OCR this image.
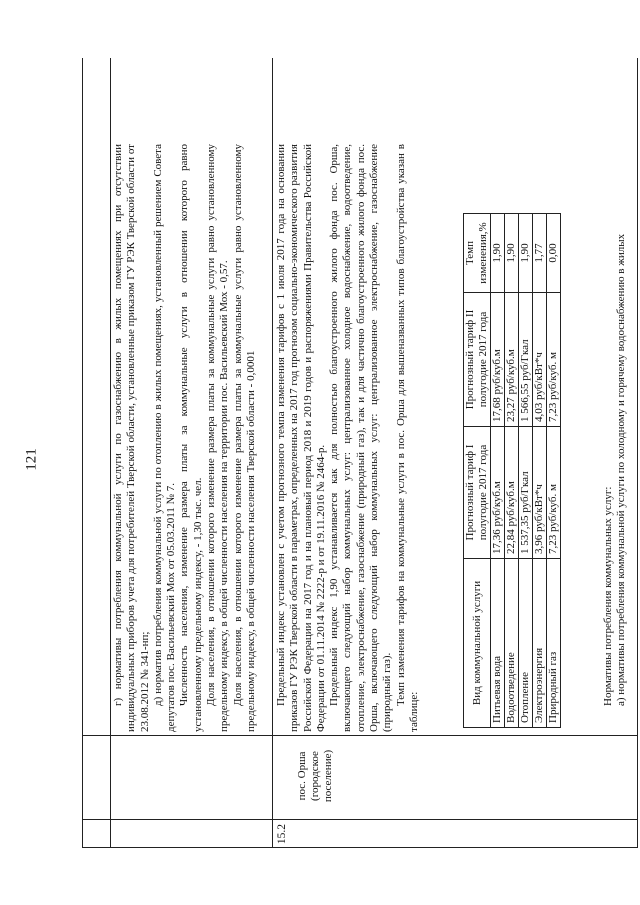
121
15.2
пос. Орша (городское поселение)

г) нормативы потребления коммунальной услуги по газоснабжению в жилых помещениях при отсутствии индивидуальных приборов учета для потребителей Тверской области, установленные приказом ГУ РЭК Тверской области от 23.08.2012 № 341-нп; д) норматив потребления коммунальной услуги по отоплению в жилых помещениях, установленный решением Совета депутатов пос. Васильевский Мох от 05.03.2011 № 7. Численность населения, изменение размера платы за коммунальные услуги в отношении которого равно установленному предельному индексу, - 1,30 тыс. чел. Доля населения, в отношении которого изменение размера платы за коммунальные услуги равно установленному предельному индексу, в общей численности населения на территории пос. Васильевский Мох - 0,57. Доля населения, в отношении которого изменение размера платы за коммунальные услуги равно установленному предельному индексу, в общей численности населения Тверской области - 0,0001 Предельный индекс установлен с учетом прогнозного темпа изменения тарифов с 1 июля 2017 года на основании приказов ГУ РЭК Тверской области в параметрах, определенных на 2017 год прогнозом социально-экономического развития Российской Федерации на 2017 год и на плановый период 2018 и 2019 годов и распоряжениями Правительства Российской Федерации от 01.11.2014 № 2222-р и от 19.11.2016 № 2464-р. Предельный индекс 1,90 устанавливается как для полностью благоустроенного жилого фонда пос. Орша, включающего следующий набор коммунальных услуг: централизованное холодное водоснабжение, водоотведение, отопление, электроснабжение, газоснабжение (природный газ), так и для частично благоустроенного жилого фонда пос. Орша, включающего следующий набор коммунальных услуг: централизованное электроснабжение, газоснабжение (природный газ). Темп изменения тарифов на коммунальные услуги в пос. Орша для вышеназванных типов благоустройства указан в таблице:

Вид коммунальной услуги	Прогнозный тариф I полугодие 2017 года	Прогнозный тариф II полугодие 2017 года	Темп изменения,%
Питьевая вода	17,36 руб/куб.м	17,68 руб/куб.м	1,90
Водоотведение	22,84 руб/куб.м	23,27 руб/куб.м	1,90
Отопление	1 537,35 руб/Гкал	1 566,55 руб/Гкал	1,90
Электроэнергия	3,96 руб/кВт*ч	4,03 руб/кВт*ч	1,77
Природный газ	7,23 руб/куб. м	7,23 руб/куб. м	0,00

Нормативы потребления коммунальных услуг: а) нормативы потребления коммунальной услуги по холодному и горячему водоснабжению в жилых
